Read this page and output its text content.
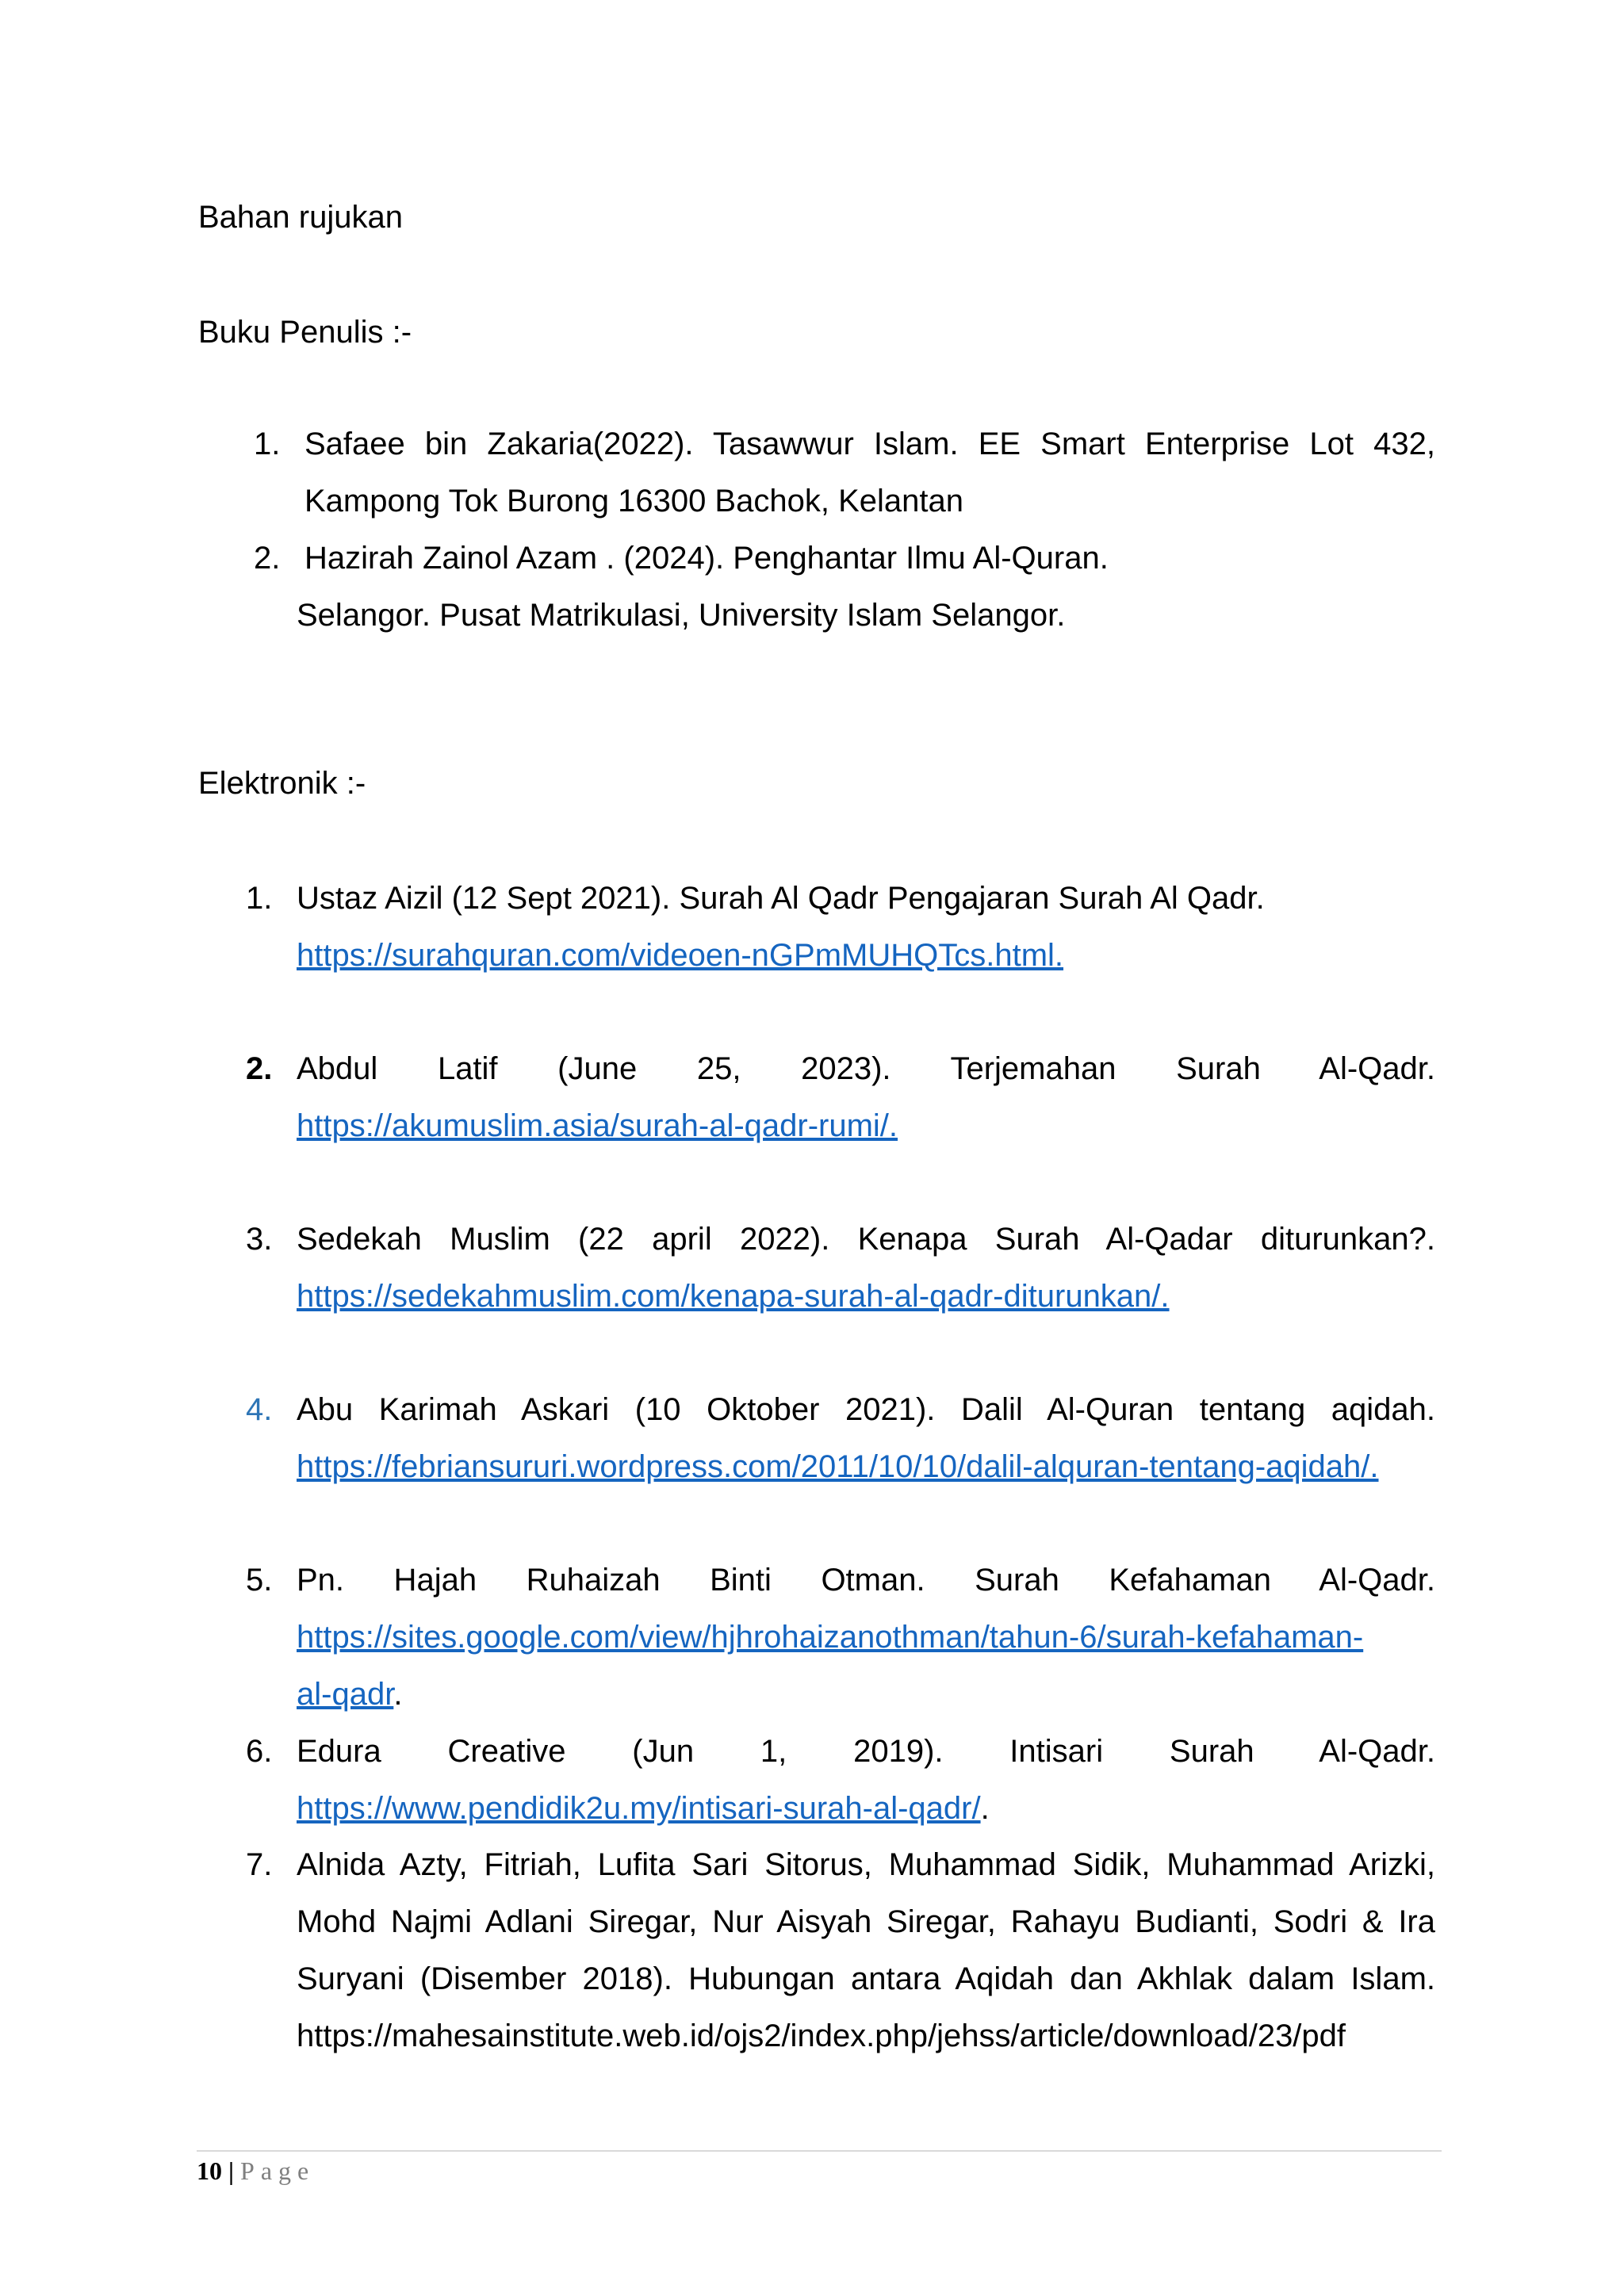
Bahan rujukan
Buku Penulis :-
1. Safaee bin Zakaria(2022). Tasawwur Islam. EE Smart Enterprise Lot 432,
Kampong Tok Burong 16300 Bachok, Kelantan
2. Hazirah Zainol Azam . (2024). Penghantar Ilmu Al-Quran.
Selangor. Pusat Matrikulasi, University Islam Selangor.
Elektronik :-
1. Ustaz Aizil (12 Sept 2021). Surah Al Qadr Pengajaran Surah Al Qadr.
https://surahquran.com/videoen-nGPmMUHQTcs.html.
2. Abdul Latif (June 25, 2023). Terjemahan Surah Al-Qadr.
https://akumuslim.asia/surah-al-qadr-rumi/.
3. Sedekah Muslim (22 april 2022). Kenapa Surah Al-Qadar diturunkan?.
https://sedekahmuslim.com/kenapa-surah-al-qadr-diturunkan/.
4. Abu Karimah Askari (10 Oktober 2021). Dalil Al-Quran tentang aqidah.
https://febriansururi.wordpress.com/2011/10/10/dalil-alquran-tentang-aqidah/.
5. Pn. Hajah Ruhaizah Binti Otman. Surah Kefahaman Al-Qadr.
https://sites.google.com/view/hjhrohaizanothman/tahun-6/surah-kefahaman-
al-qadr.
6. Edura Creative (Jun 1, 2019). Intisari Surah Al-Qadr.
https://www.pendidik2u.my/intisari-surah-al-qadr/.
7. Alnida Azty, Fitriah, Lufita Sari Sitorus, Muhammad Sidik, Muhammad Arizki,
Mohd Najmi Adlani Siregar, Nur Aisyah Siregar, Rahayu Budianti, Sodri & Ira
Suryani (Disember 2018). Hubungan antara Aqidah dan Akhlak dalam Islam.
https://mahesainstitute.web.id/ojs2/index.php/jehss/article/download/23/pdf
10 | Page
